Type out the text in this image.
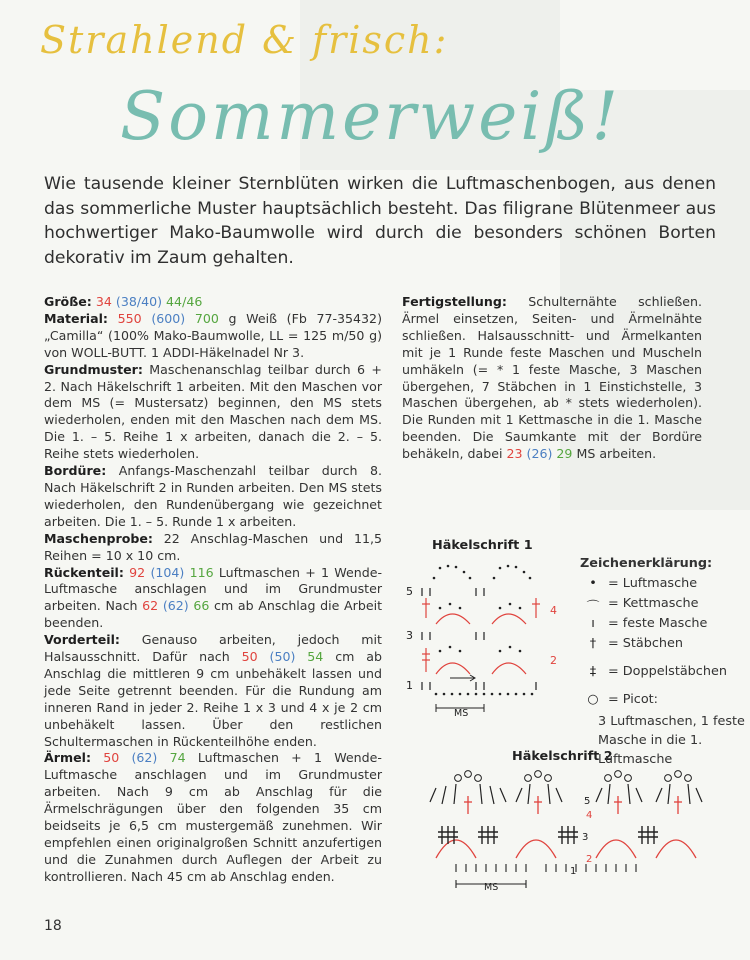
Strahlend & frisch:
Sommerweiß!
Wie tausende kleiner Sternblüten wirken die Luftmaschenbogen, aus denen das sommerliche Muster hauptsächlich besteht. Das filigrane Blütenmeer aus hochwertiger Mako-Baumwolle wird durch die besonders schönen Borten dekorativ im Zaum gehalten.

Größe: 34 (38/40) 44/46

Material: 550 (600) 700 g Weiß (Fb 77-35432) „Camilla“ (100% Mako-Baumwolle, LL = 125 m/50 g) von WOLL-BUTT. 1 ADDI-Häkelnadel Nr 3.

Grundmuster: Maschenanschlag teilbar durch 6 + 2. Nach Häkelschrift 1 arbeiten. Mit den Maschen vor dem MS (= Mustersatz) beginnen, den MS stets wiederholen, enden mit den Maschen nach dem MS. Die 1. – 5. Reihe 1 x arbeiten, danach die 2. – 5. Reihe stets wiederholen.

Bordüre: Anfangs-Maschenzahl teilbar durch 8. Nach Häkelschrift 2 in Runden arbeiten. Den MS stets wiederholen, den Rundenübergang wie gezeichnet arbeiten. Die 1. – 5. Runde 1 x arbeiten.

Maschenprobe: 22 Anschlag-Maschen und 11,5 Reihen = 10 x 10 cm.

Rückenteil: 92 (104) 116 Luftmaschen + 1 Wende-Luftmasche anschlagen und im Grundmuster arbeiten. Nach 62 (62) 66 cm ab Anschlag die Arbeit beenden.

Vorderteil: Genauso arbeiten, jedoch mit Halsausschnitt. Dafür nach 50 (50) 54 cm ab Anschlag die mittleren 9 cm unbehäkelt lassen und jede Seite getrennt beenden. Für die Rundung am inneren Rand in jeder 2. Reihe 1 x 3 und 4 x je 2 cm unbehäkelt lassen. Über den restlichen Schultermaschen in Rückenteilhöhe enden.

Ärmel: 50 (62) 74 Luftmaschen + 1 Wende-Luftmasche anschlagen und im Grundmuster arbeiten. Nach 9 cm ab Anschlag für die Ärmelschrägungen über den folgenden 35 cm beidseits je 6,5 cm mustergemäß zunehmen. Wir empfehlen einen originalgroßen Schnitt anzufertigen und die Zunahmen durch Auflegen der Arbeit zu kontrollieren. Nach 45 cm ab Anschlag enden.

Fertigstellung: Schulternähte schließen. Ärmel einsetzen, Seiten- und Ärmelnähte schließen. Halsausschnitt- und Ärmelkanten mit je 1 Runde feste Maschen und Muscheln umhäkeln (= * 1 feste Masche, 3 Maschen übergehen, 7 Stäbchen in 1 Einstichstelle, 3 Maschen übergehen, ab * stets wiederholen). Die Runden mit 1 Kettmasche in die 1. Masche beenden. Die Saumkante mit der Bordüre behäkeln, dabei 23 (26) 29 MS arbeiten.

Häkelschrift 1
5
3
1
4
2
MS
Häkelschrift 2
5
4
3
2
1
MS
Zeichenerklärung:
• = Luftmasche
⌒ = Kettmasche
ı	= feste Masche
† = Stäbchen
‡ = Doppelstäbchen
○ = Picot:
3 Luftmaschen, 1 feste Masche in die 1. Luftmasche
18
